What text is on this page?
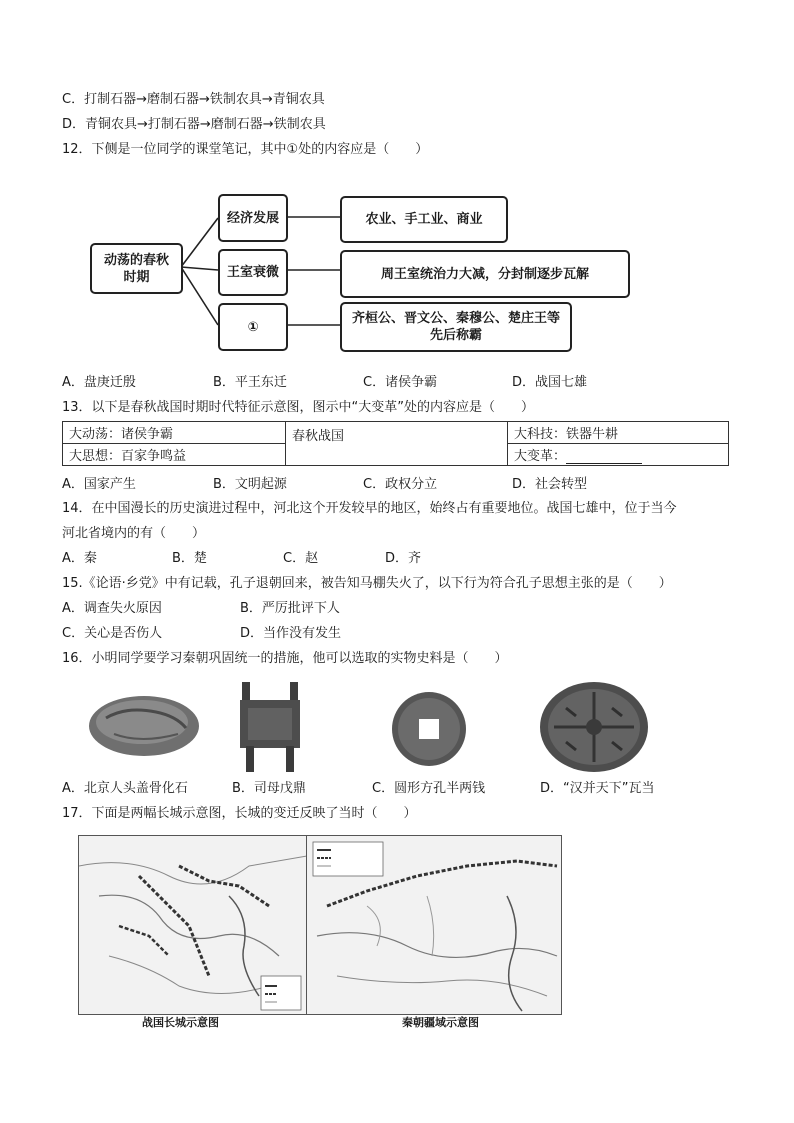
C．打制石器→磨制石器→铁制农具→青铜农具
D．青铜农具→打制石器→磨制石器→铁制农具
12．下侧是一位同学的课堂笔记，其中①处的内容应是（　　）
动荡的春秋时期
经济发展	农业、手工业、商业
王室衰微	周王室统治力大减，分封制逐步瓦解
①
齐桓公、晋文公、秦穆公、楚庄王等先后称霸
A．盘庚迁殷	B．平王东迁	C．诸侯争霸	D．战国七雄
13．以下是春秋战国时期时代特征示意图，图示中“大变革”处的内容应是（　　）
大动荡：诸侯争霸	春秋战国	大科技：铁器牛耕
大思想：百家争鸣益		大变革：
A．国家产生	B．文明起源	C．政权分立	D．社会转型
14．在中国漫长的历史演进过程中，河北这个开发较早的地区，始终占有重要地位。战国七雄中，位于当今
河北省境内的有（　　）
A．秦	B．楚	C．赵	D．齐
15.《论语·乡党》中有记载，孔子退朝回来，被告知马棚失火了，以下行为符合孔子思想主张的是（　　）
A．调查失火原因	B．严厉批评下人
C．关心是否伤人	D．当作没有发生
16．小明同学要学习秦朝巩固统一的措施，他可以选取的实物史料是（　　）
A．北京人头盖骨化石	B．司母戊鼎	C．圆形方孔半两钱	D．“汉并天下”瓦当
17．下面是两幅长城示意图，长城的变迁反映了当时（　　）
战国长城示意图	秦朝疆域示意图
